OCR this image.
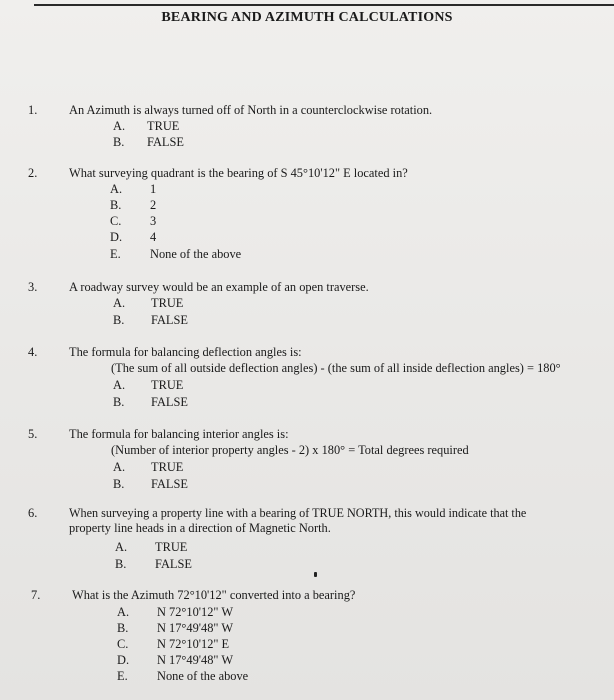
BEARING AND AZIMUTH CALCULATIONS
1.	An Azimuth is always turned off of North in a counterclockwise rotation.
A. TRUE
B. FALSE
2.	What surveying quadrant is the bearing of S 45°10'12" E located in?
A. 1
B. 2
C. 3
D. 4
E. None of the above
3.	A roadway survey would be an example of an open traverse.
A. TRUE
B. FALSE
4.	The formula for balancing deflection angles is:
(The sum of all outside deflection angles) - (the sum of all inside deflection angles) = 180°
A. TRUE
B. FALSE
5.	The formula for balancing interior angles is:
(Number of interior property angles - 2) x 180° = Total degrees required
A. TRUE
B. FALSE
6.	When surveying a property line with a bearing of TRUE NORTH, this would indicate that the
property line heads in a direction of Magnetic North.
A. TRUE
B. FALSE
7.	What is the Azimuth 72°10'12" converted into a bearing?
A. N 72°10'12" W
B. N 17°49'48" W
C. N 72°10'12" E
D. N 17°49'48" W
E. None of the above
